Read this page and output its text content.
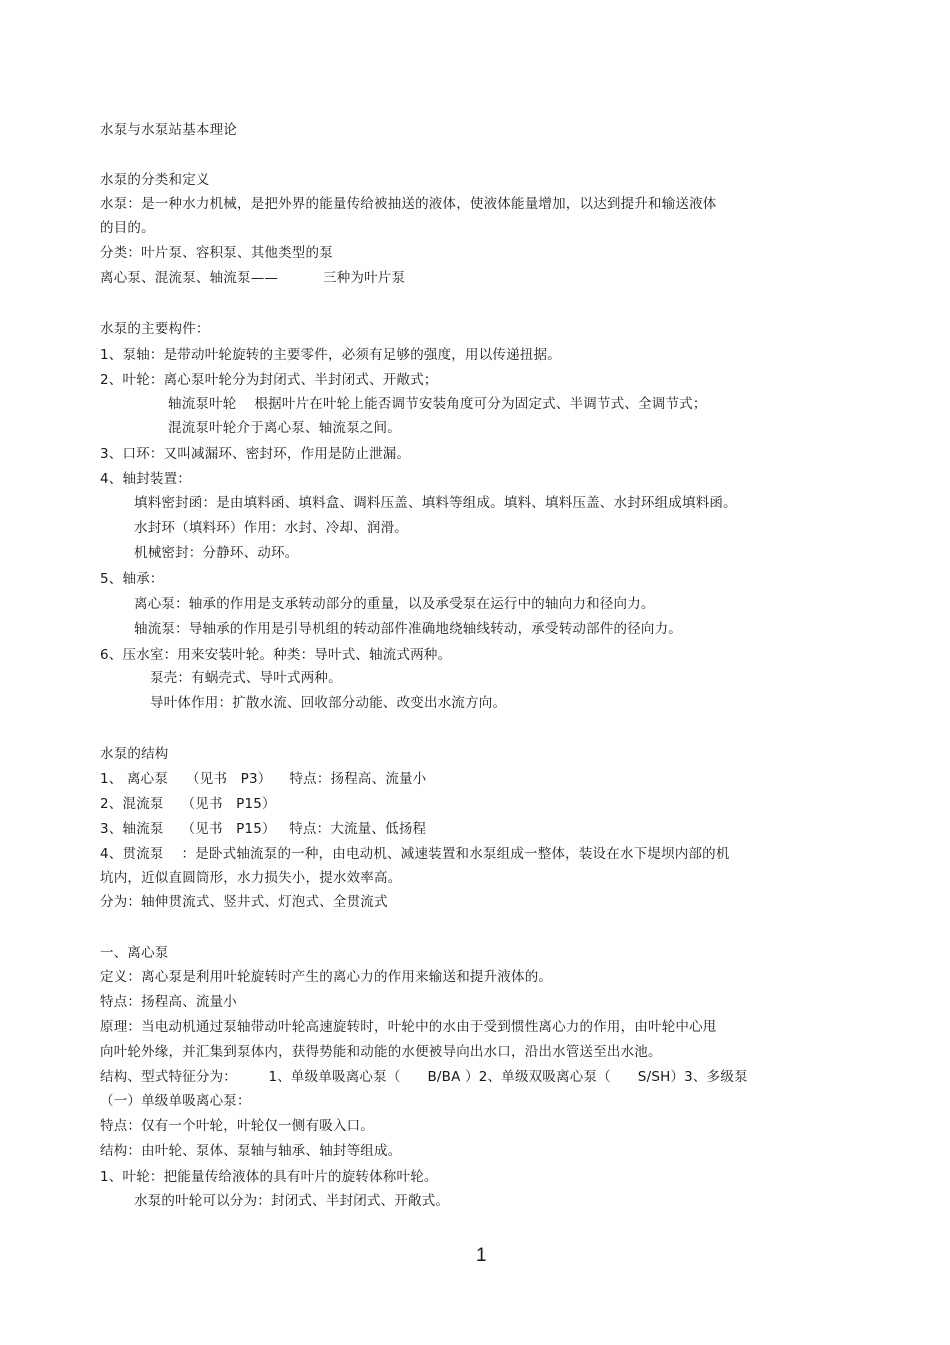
水泵与水泵站基本理论
水泵的分类和定义
水泵：是一种水力机械，是把外界的能量传给被抽送的液体，使液体能量增加，以达到提升和输送液体
的目的。
分类：叶片泵、容积泵、其他类型的泵
离心泵、混流泵、轴流泵——          三种为叶片泵
水泵的主要构件：
1、泵轴：是带动叶轮旋转的主要零件，必须有足够的强度，用以传递扭据。
2、叶轮：离心泵叶轮分为封闭式、半封闭式、开敞式；
轴流泵叶轮    根据叶片在叶轮上能否调节安装角度可分为固定式、半调节式、全调节式；
混流泵叶轮介于离心泵、轴流泵之间。
3、口环：又叫减漏环、密封环，作用是防止泄漏。
4、轴封装置：
填料密封函：是由填料函、填料盒、调料压盖、填料等组成。填料、填料压盖、水封环组成填料函。
水封环（填料环）作用：水封、冷却、润滑。
机械密封：分静环、动环。
5、轴承：
离心泵：轴承的作用是支承转动部分的重量，以及承受泵在运行中的轴向力和径向力。
轴流泵：导轴承的作用是引导机组的转动部件准确地绕轴线转动，承受转动部件的径向力。
6、压水室：用来安装叶轮。种类：导叶式、轴流式两种。
泵壳：有蜗壳式、导叶式两种。
导叶体作用：扩散水流、回收部分动能、改变出水流方向。
水泵的结构
1、 离心泵    （见书   P3）    特点：扬程高、流量小
2、混流泵    （见书   P15）
3、轴流泵    （见书   P15）   特点：大流量、低扬程
4、贯流泵    ：是卧式轴流泵的一种，由电动机、减速装置和水泵组成一整体，装设在水下堤坝内部的机
坑内，近似直圆筒形，水力损失小，提水效率高。
分为：轴伸贯流式、竖井式、灯泡式、全贯流式
一、离心泵
定义：离心泵是利用叶轮旋转时产生的离心力的作用来输送和提升液体的。
特点：扬程高、流量小
原理：当电动机通过泵轴带动叶轮高速旋转时，叶轮中的水由于受到惯性离心力的作用，由叶轮中心甩
向叶轮外缘，并汇集到泵体内，获得势能和动能的水便被导向出水口，沿出水管送至出水池。
结构、型式特征分为：       1、单级单吸离心泵（      B/BA ）2、单级双吸离心泵（      S/SH）3、多级泵
（一）单级单吸离心泵：
特点：仅有一个叶轮，叶轮仅一侧有吸入口。
结构：由叶轮、泵体、泵轴与轴承、轴封等组成。
1、叶轮：把能量传给液体的具有叶片的旋转体称叶轮。
水泵的叶轮可以分为：封闭式、半封闭式、开敞式。
1
